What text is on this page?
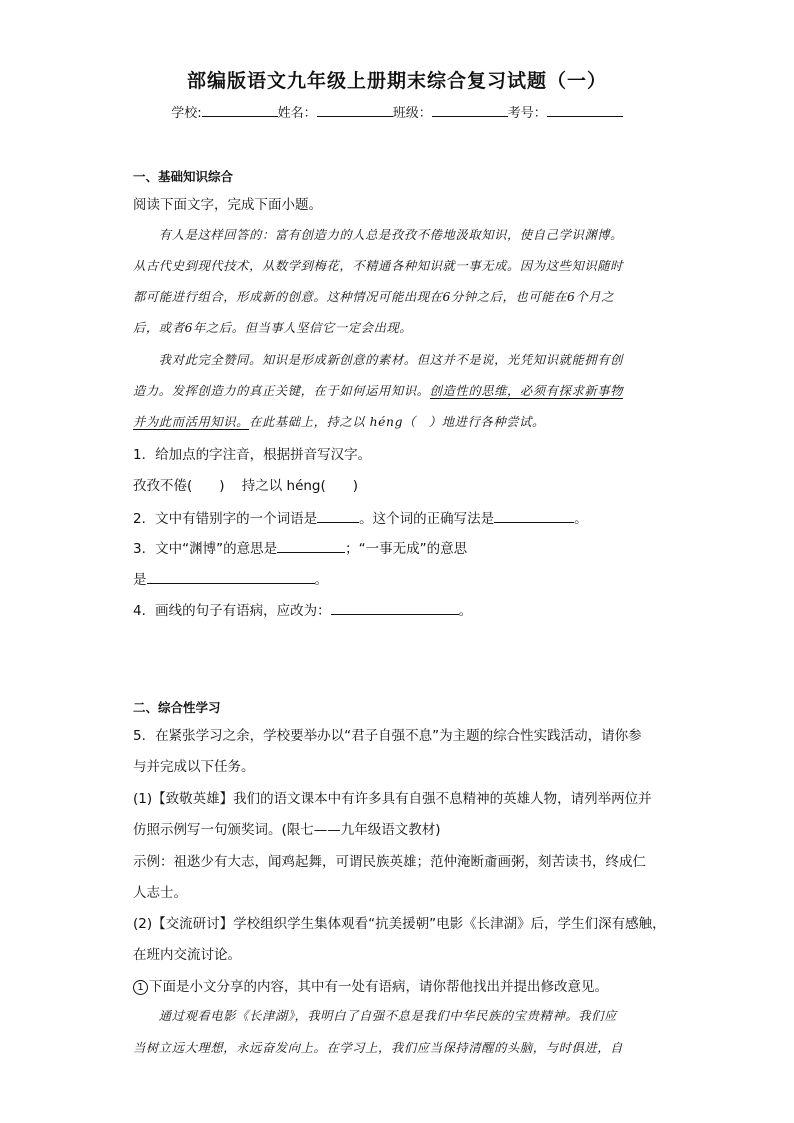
部编版语文九年级上册期末综合复习试题（一）
学校:	姓名：	班级：	考号：
一、基础知识综合
阅读下面文字，完成下面小题。
　　有人是这样回答的：富有创造力的人总是孜孜不倦地汲取知识，使自己学识渊博。
从古代史到现代技术，从数学到梅花，不精通各种知识就一事无成。因为这些知识随时
都可能进行组合，形成新的创意。这种情况可能出现在6分钟之后，也可能在6个月之
后，或者6年之后。但当事人坚信它一定会出现。
　　我对此完全赞同。知识是形成新创意的素材。但这并不是说，光凭知识就能拥有创
造力。发挥创造力的真正关键，在于如何运用知识。创造性的思维，必须有探求新事物
并为此而活用知识。在此基础上，持之以 héng（　）地进行各种尝试。
1．给加点的字注音，根据拼音写汉字。
孜孜不倦(　　) 持之以 héng(　　)
2．文中有错别字的一个词语是	。这个词的正确写法是	。
3．文中“渊博”的意思是	；“一事无成”的意思
是	。
4．画线的句子有语病，应改为：	。
二、综合性学习
5．在紧张学习之余，学校要举办以“君子自强不息”为主题的综合性实践活动，请你参
与并完成以下任务。
(1)【致敬英雄】我们的语文课本中有许多具有自强不息精神的英雄人物，请列举两位并
仿照示例写一句颁奖词。(限七——九年级语文教材)
示例：祖逖少有大志，闻鸡起舞，可谓民族英雄；范仲淹断齑画粥，刻苦读书，终成仁
人志士。
(2)【交流研讨】学校组织学生集体观看“抗美援朝”电影《长津湖》后，学生们深有感触，
在班内交流讨论。
1 下面是小文分享的内容，其中有一处有语病，请你帮他找出并提出修改意见。
　　通过观看电影《长津湖》，我明白了自强不息是我们中华民族的宝贵精神。我们应
当树立远大理想，永远奋发向上。在学习上，我们应当保持清醒的头脑，与时俱进，自
